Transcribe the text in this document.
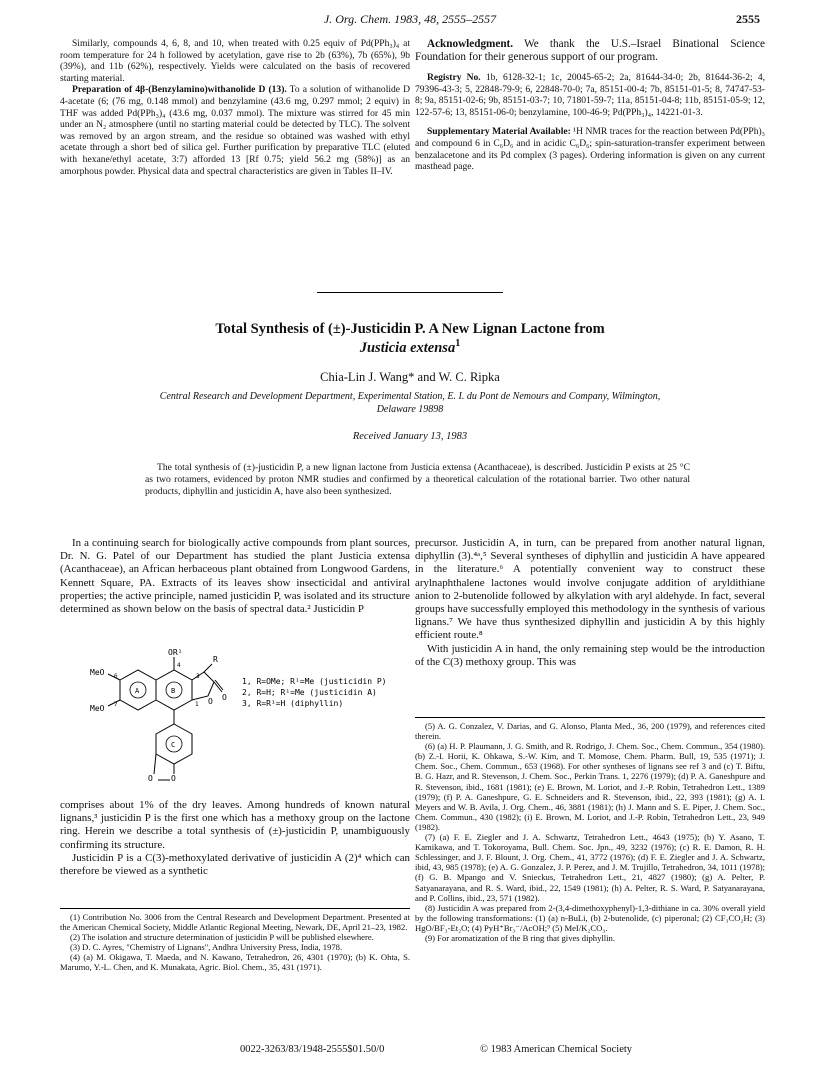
J. Org. Chem. 1983, 48, 2555–2557	2555

Similarly, compounds 4, 6, 8, and 10, when treated with 0.25 equiv of Pd(PPh₃)₄ at room temperature for 24 h followed by acetylation, gave rise to 2b (63%), 7b (65%), 9b (39%), and 11b (62%), respectively. Yields were calculated on the basis of recovered starting material.

Preparation of 4β-(Benzylamino)withanolide D (13). To a solution of withanolide D 4-acetate (6; (76 mg, 0.148 mmol) and benzylamine (43.6 mg, 0.297 mmol; 2 equiv) in THF was added Pd(PPh₃)₄ (43.6 mg, 0.037 mmol). The mixture was stirred for 45 min under an N₂ atmosphere (until no starting material could be detected by TLC). The solvent was removed by an argon stream, and the residue so obtained was washed with ethyl acetate through a short bed of silica gel. Further purification by preparative TLC (eluted with hexane/ethyl acetate, 3:7) afforded 13 [Rf 0.75; yield 56.2 mg (58%)] as an amorphous powder. Physical data and spectral characteristics are given in Tables II–IV.

Acknowledgment. We thank the U.S.–Israel Binational Science Foundation for their generous support of our program.

Registry No. 1b, 6128-32-1; 1c, 20045-65-2; 2a, 81644-34-0; 2b, 81644-36-2; 4, 79396-43-3; 5, 22848-79-9; 6, 22848-70-0; 7a, 85151-00-4; 7b, 85151-01-5; 8, 74747-53-8; 9a, 85151-02-6; 9b, 85151-03-7; 10, 71801-59-7; 11a, 85151-04-8; 11b, 85151-05-9; 12, 122-57-6; 13, 85151-06-0; benzylamine, 100-46-9; Pd(PPh₃)₄, 14221-01-3.

Supplementary Material Available: ¹H NMR traces for the reaction between Pd(PPh)₃ and compound 6 in C₆D₆ and in acidic C₆D₆; spin-saturation-transfer experiment between benzalacetone and its Pd complex (3 pages). Ordering information is given on any current masthead page.

Total Synthesis of (±)-Justicidin P. A New Lignan Lactone from
Justicia extensa$^1$
Chia-Lin J. Wang* and W. C. Ripka
Central Research and Development Department, Experimental Station, E. I. du Pont de Nemours and Company, Wilmington, Delaware 19898
Received January 13, 1983
The total synthesis of (±)-justicidin P, a new lignan lactone from Justicia extensa (Acanthaceae), is described. Justicidin P exists at 25 °C as two rotamers, evidenced by proton NMR studies and confirmed by a theoretical calculation of the rotational barrier. Two other natural products, diphyllin and justicidin A, have also been synthesized.

In a continuing search for biologically active compounds from plant sources, Dr. N. G. Patel of our Department has studied the plant Justicia extensa (Acanthaceae), an African herbaceous plant obtained from Longwood Gardens, Kennett Square, PA. Extracts of its leaves show insecticidal and antiviral properties; the active principle, named justicidin P, was isolated and its structure determined as shown below on the basis of spectral data.² Justicidin P

OR¹
R
MeO
MeO
6
7
4
3
1
A	B
C
O
O
O
O
1, R=OMe; R¹=Me (justicidin P)
2, R=H; R¹=Me (justicidin A)
3, R=R¹=H (diphyllin)

comprises about 1% of the dry leaves. Among hundreds of known natural lignans,³ justicidin P is the first one which has a methoxy group on the lactone ring. Herein we describe a total synthesis of (±)-justicidin P, unambiguously confirming its structure.

Justicidin P is a C(3)-methoxylated derivative of justicidin A (2)⁴ which can therefore be viewed as a synthetic

precursor. Justicidin A, in turn, can be prepared from another natural lignan, diphyllin (3).⁴ᵃ,⁵ Several syntheses of diphyllin and justicidin A have appeared in the literature.⁶ A potentially convenient way to construct these arylnaphthalene lactones would involve conjugate addition of aryldithiane anion to 2-butenolide followed by alkylation with aryl aldehyde. In fact, several groups have successfully employed this methodology in the synthesis of various lignans.⁷ We have thus synthesized diphyllin and justicidin A by this highly efficient route.⁸

With justicidin A in hand, the only remaining step would be the introduction of the C(3) methoxy group. This was

(1) Contribution No. 3006 from the Central Research and Development Department. Presented at the American Chemical Society, Middle Atlantic Regional Meeting, Newark, DE, April 21–23, 1982.

(2) The isolation and structure determination of justicidin P will be published elsewhere.

(3) D. C. Ayres, "Chemistry of Lignans", Andhra University Press, India, 1978.

(4) (a) M. Okigawa, T. Maeda, and N. Kawano, Tetrahedron, 26, 4301 (1970); (b) K. Ohta, S. Marumo, Y.-L. Chen, and K. Munakata, Agric. Biol. Chem., 35, 431 (1971).

(5) A. G. Conzalez, V. Darias, and G. Alonso, Planta Med., 36, 200 (1979), and references cited therein.

(6) (a) H. P. Plaumann, J. G. Smith, and R. Rodrigo, J. Chem. Soc., Chem. Commun., 354 (1980). (b) Z.-I. Horii, K. Ohkawa, S.-W. Kim, and T. Momose, Chem. Pharm. Bull, 19, 535 (1971); J. Chem. Soc., Chem. Commun., 653 (1968). For other syntheses of lignans see ref 3 and (c) T. Biftu, B. G. Hazr, and R. Stevenson, J. Chem. Soc., Perkin Trans. 1, 2276 (1979); (d) P. A. Ganeshpure and R. Stevenson, ibid., 1681 (1981); (e) E. Brown, M. Loriot, and J.-P. Robin, Tetrahedron Lett., 1389 (1979); (f) P. A. Ganeshpure, G. E. Schneiders and R. Stevenson, ibid., 22, 393 (1981); (g) A. I. Meyers and W. B. Avila, J. Org. Chem., 46, 3881 (1981); (h) J. Mann and S. E. Piper, J. Chem. Soc., Chem. Commun., 430 (1982); (i) E. Brown, M. Loriot, and J.-P. Robin, Tetrahedron Lett., 23, 949 (1982).

(7) (a) F. E. Ziegler and J. A. Schwartz, Tetrahedron Lett., 4643 (1975); (b) Y. Asano, T. Kamikawa, and T. Tokoroyama, Bull. Chem. Soc. Jpn., 49, 3232 (1976); (c) R. E. Damon, R. H. Schlessinger, and J. F. Blount, J. Org. Chem., 41, 3772 (1976); (d) F. E. Ziegler and J. A. Schwartz, ibid, 43, 985 (1978); (e) A. G. Gonzalez, J. P. Perez, and J. M. Trujillo, Tetrahedron, 34, 1011 (1978); (f) G. B. Mpango and V. Snieckus, Tetrahedron Lett., 21, 4827 (1980); (g) A. Pelter, P. Satyanarayana, and R. S. Ward, ibid., 22, 1549 (1981); (h) A. Pelter, R. S. Ward, P. Satyanarayana, and P. Collins, ibid., 23, 571 (1982).

(8) Justicidin A was prepared from 2-(3,4-dimethoxyphenyl)-1,3-dithiane in ca. 30% overall yield by the following transformations: (1) (a) n-BuLi, (b) 2-butenolide, (c) piperonal; (2) CF₃CO₂H; (3) HgO/BF₃-Et₂O; (4) PyH⁺Br₃⁻/AcOH;⁹ (5) MeI/K₂CO₃.

(9) For aromatization of the B ring that gives diphyllin.

0022-3263/83/1948-2555$01.50/0	© 1983 American Chemical Society
